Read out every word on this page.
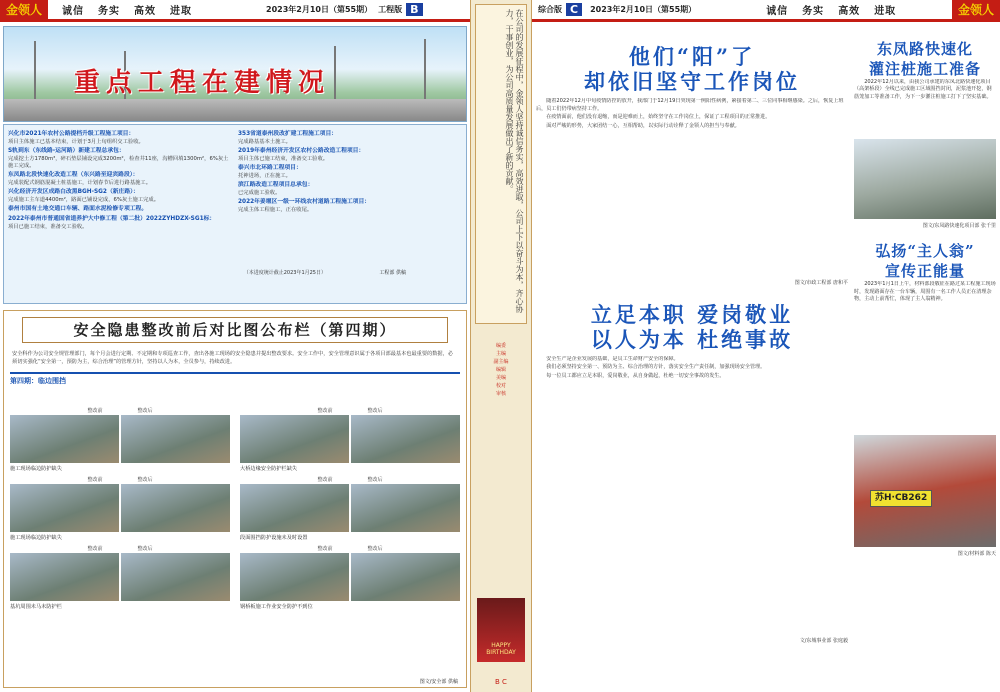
金领人	诚信 务实 高效 进取	2023年2月10日（第55期） 工程版 B
重点工程在建情况
兴化市2021年农村公路提档升级工程施工项目：
项目主体施工已基本结束，计划于3月上旬组织交工验收。
S轨到东（东线路-运河路）新建工程总承包：
完成挖土方1780m³，碎石垫层铺设完成3200m²，检查井11座，沟槽回填1300m²，6%灰土施工完成。
东凤路北段快速化改造工程（东兴路至迎宾路段）：
完成装配式钢筋混凝土桩基施工，计划春节后进行路基施工。
兴化经济开发区成路白改黑BGH-SG2（新庄路）：
完成施工主车道4400m²，路面已铺设完成，6%灰土施工完成。
泰州市国有土地交通口车辆、路面水泥检修专项工程。
2022年泰州市普通国省道养护大中修工程（第二批）2022ZYHDZX-SG1标：
项目已施工结束，准备交工验收。
353省道泰州段改扩建工程施工项目：
完成路基基本土施工。
2019年泰州经济开发区农村公路改造工程项目：
项目主体已施工结束，准备交工验收。
泰兴市北环路工程项目：
托神进场，正在施工。
滨江路改造工程项目总承包：
已完成施工验收。
2022年姜堰区一级一环线农村道路工程施工项目：
完成主体工程施工，正在收尾。
（本进度统计截止2023年1月25日）	工程部 供稿
安全隐患整改前后对比图公布栏（第四期）
安全科作为公司安全规管理部门，每个月会进行定期、不定期和专项巡查工作，查出各施工现场的安全隐患并提出整改要求。安全工作中，安全管理意识属于各项目部最基本也最重要的数据，必须切实强化“安全第一，预防为主，综合治理”的管理方针，坚持以人为本，全员参与，持续改进。
第四期：临边围挡
整改前　　　　　　　	整改后
施工现场临边防护缺失
整改前　　　　　　　	整改后
大桥边缘安全防护栏缺失
整改前　　　　　　　	整改后
施工现场临边防护缺失
整改前　　　　　　　	整改后
段面围挡防护设施未及时设置
整改前　　　　　　　	整改后
基坑周围未马未防护栏
整改前　　　　　　　	整改后
钢桥板施工作业安全防护不到位
图文/安全部 供稿
在公司的发展征程中，金领人坚持诚信务实，高效进取，公司上下以奋斗为本，齐心协力，干事创业，为公司高质量发展做出了新的贡献。
编委
主编
副主编
编辑
美编
校对
审核
HAPPY BIRTHDAY
B C
综合版 C	2023年2月10日（第55期）	诚信 务实 高效 进取	金领人
他们“阳”了
却依旧坚守工作岗位

随着2022年12月中旬疫情防控的放开，我部门于12月19日突现第一例阳性病例，紧接着第二、三位同事相继感染。之后，恢复上班后，员工们仍带病坚持工作。

在疫情面前，他们没有退缩，而是迎难而上，始终坚守在工作岗位上，保证了工程项目的正常推进。

面对严峻的形势，大家团结一心，互相帮助，以实际行动诠释了金领人的担当与奉献。

图文/市政工程部 唐和平
立足本职 爱岗敬业
以人为本 杜绝事故

安全生产是企业发展的基础，是员工生命财产安全的保障。

我们必须坚持安全第一、预防为主、综合治理的方针，落实安全生产责任制，加强现场安全管理。

每一位员工都应立足本职，爱岗敬业，从自身做起，杜绝一切安全事故的发生。

文/东城事业部 张庭毅
东凤路快速化
灌注桩施工准备

2022年12月以来，由我公司承建的东凤北路快速化项目（高架桥段）全线已完成施工区域围挡封闭，泥浆池开挖，钢筋笼加工等准备工作，为下一步灌注桩施工打下了坚实基础。

图文/东凤路快速化项目部 张千里
弘扬“主人翁”
宣传正能量

2023年1月1日上午，材料部段敬征在路过某工程施工现场时，发现路面存在一台车辆，周围有一名工作人员正在清理杂物，主动上前帮忙，体现了主人翁精神。

苏H·CB262
图文/材料部 陈天
